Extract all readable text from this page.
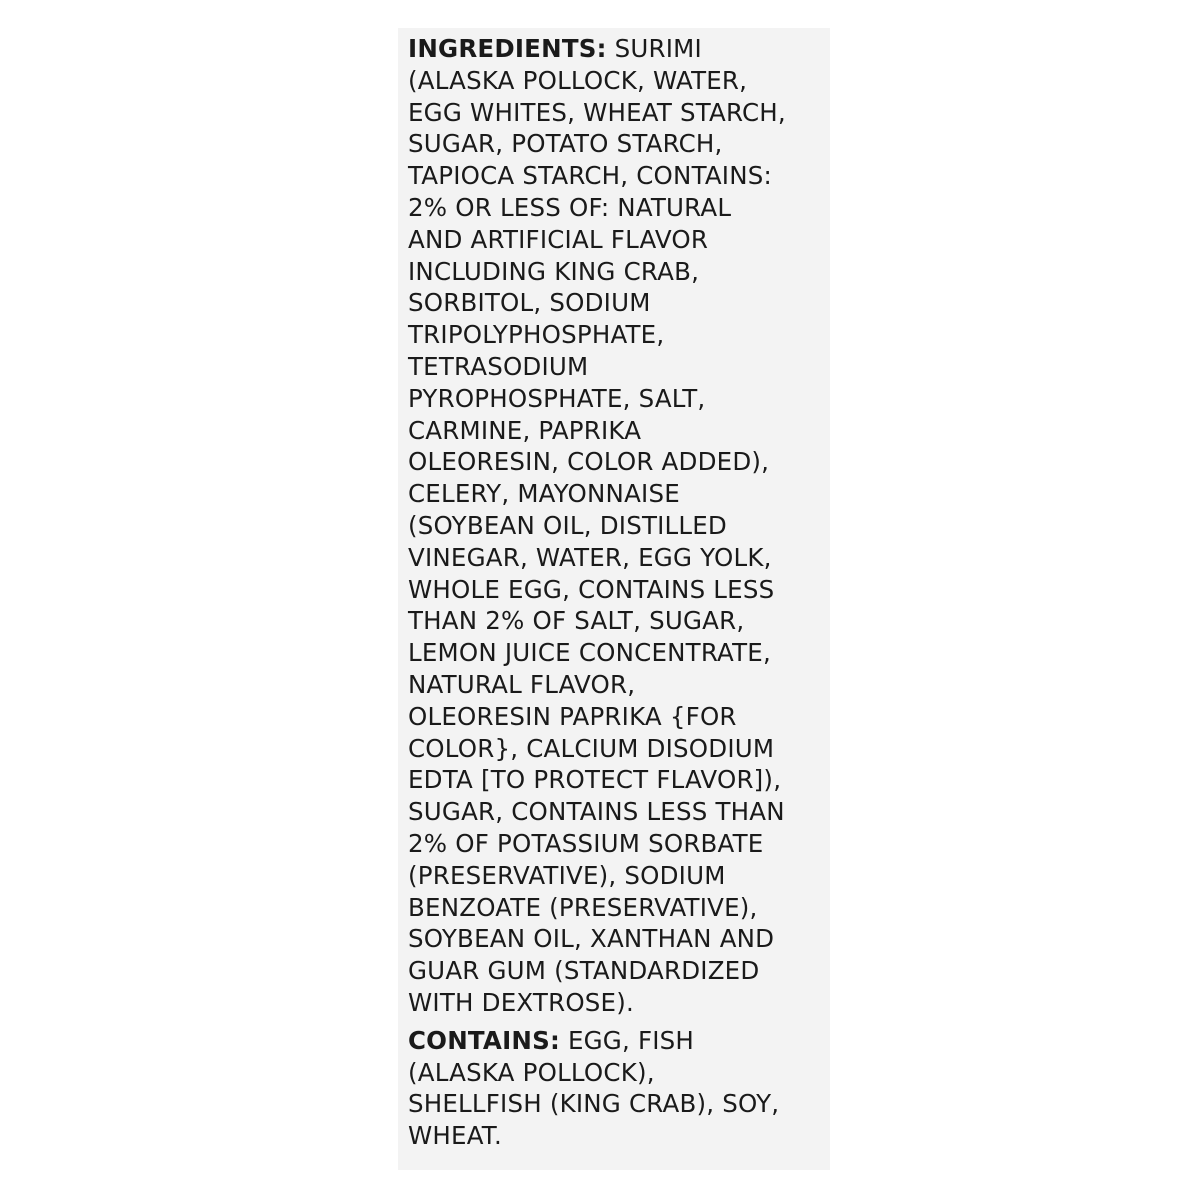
INGREDIENTS: SURIMI
(ALASKA POLLOCK, WATER,
EGG WHITES, WHEAT STARCH,
SUGAR, POTATO STARCH,
TAPIOCA STARCH, CONTAINS:
2% OR LESS OF: NATURAL
AND ARTIFICIAL FLAVOR
INCLUDING KING CRAB,
SORBITOL, SODIUM
TRIPOLYPHOSPHATE,
TETRASODIUM
PYROPHOSPHATE, SALT,
CARMINE, PAPRIKA
OLEORESIN, COLOR ADDED),
CELERY, MAYONNAISE
(SOYBEAN OIL, DISTILLED
VINEGAR, WATER, EGG YOLK,
WHOLE EGG, CONTAINS LESS
THAN 2% OF SALT, SUGAR,
LEMON JUICE CONCENTRATE,
NATURAL FLAVOR,
OLEORESIN PAPRIKA {FOR
COLOR}, CALCIUM DISODIUM
EDTA [TO PROTECT FLAVOR]),
SUGAR, CONTAINS LESS THAN
2% OF POTASSIUM SORBATE
(PRESERVATIVE), SODIUM
BENZOATE (PRESERVATIVE),
SOYBEAN OIL, XANTHAN AND
GUAR GUM (STANDARDIZED
WITH DEXTROSE).

CONTAINS: EGG, FISH
(ALASKA POLLOCK),
SHELLFISH (KING CRAB), SOY,
WHEAT.
